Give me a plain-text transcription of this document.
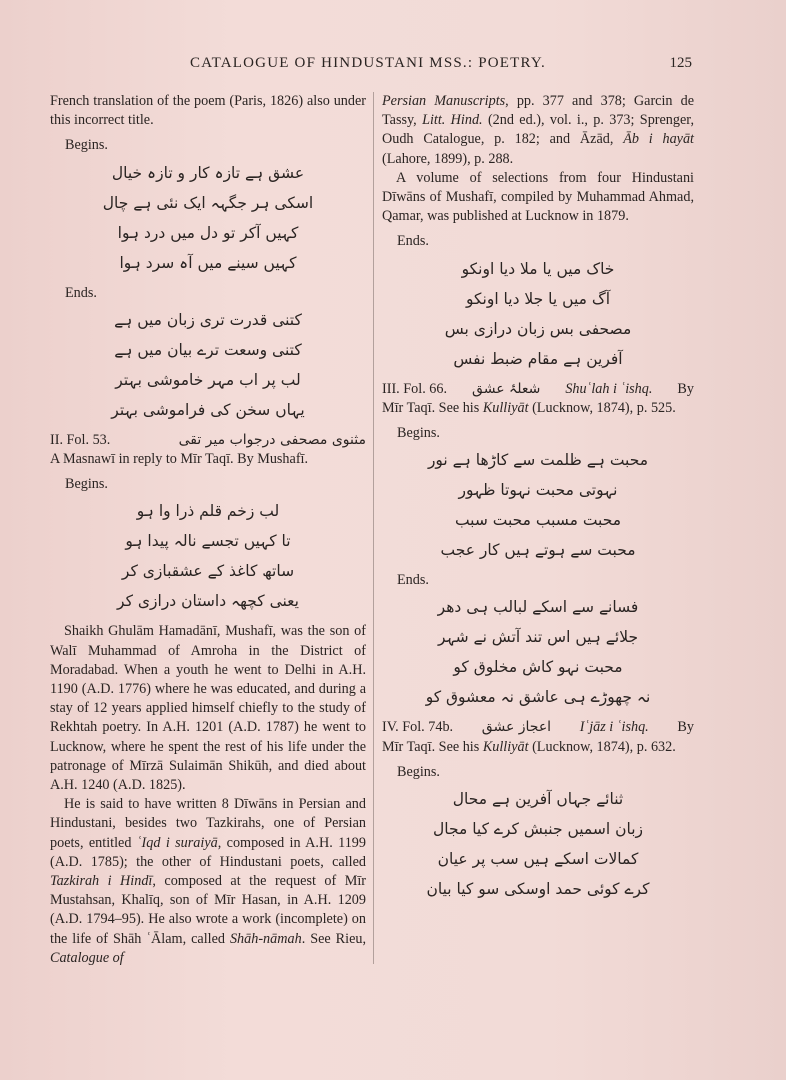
CATALOGUE OF HINDUSTANI MSS.: POETRY.	125

French translation of the poem (Paris, 1826) also under this incorrect title.

Begins.
عشق ہے تازہ کار و تازہ خیال
اسکی ہر جگہہ ایک نئی ہے چال
کہیں آکر تو دل میں درد ہوا
کہیں سینے میں آہ سرد ہوا
Ends.
کتنی قدرت تری زبان میں ہے
کتنی وسعت ترے بیان میں ہے
لب پر اب مہر خاموشی بہتر
یہاں سخن کی فراموشی بہتر
II. Fol. 53.	مثنوی مصحفی درجواب میر تقی

A Masnawī in reply to Mīr Taqī. By Mushafī.

Begins.
لب زخم قلم ذرا وا ہو
تا کہیں تجسے نالہ پیدا ہو
ساتھ کاغذ کے عشقبازی کر
یعنی کچھہ داستان درازی کر

Shaikh Ghulām Hamadānī, Mushafī, was the son of Walī Muhammad of Amroha in the District of Moradabad. When a youth he went to Delhi in A.H. 1190 (A.D. 1776) where he was educated, and during a stay of 12 years applied himself chiefly to the study of Rekhtah poetry. In A.H. 1201 (A.D. 1787) he went to Lucknow, where he spent the rest of his life under the patronage of Mīrzā Sulaimān Shikūh, and died about A.H. 1240 (A.D. 1825).

He is said to have written 8 Dīwāns in Persian and Hindustani, besides two Tazkirahs, one of Persian poets, entitled ʿIqd i suraiyā, composed in A.H. 1199 (A.D. 1785); the other of Hindustani poets, called Tazkirah i Hindī, composed at the request of Mīr Mustahsan, Khalīq, son of Mīr Hasan, in A.H. 1209 (A.D. 1794–95). He also wrote a work (incomplete) on the life of Shāh ʿĀlam, called Shāh-nāmah. See Rieu, Catalogue of

Persian Manuscripts, pp. 377 and 378; Garcin de Tassy, Litt. Hind. (2nd ed.), vol. i., p. 373; Sprenger, Oudh Catalogue, p. 182; and Āzād, Āb i hayāt (Lahore, 1899), p. 288.

A volume of selections from four Hindustani Dīwāns of Mushafī, compiled by Muhammad Ahmad, Qamar, was published at Lucknow in 1879.

Ends.
خاک میں یا ملا دیا اونکو
آگ میں یا جلا دیا اونکو
مصحفی بس زبان درازی بس
آفرین ہے مقام ضبط نفس
III. Fol. 66. شعلۂ عشق Shuʿlah i ʿishq. By

Mīr Taqī. See his Kulliyāt (Lucknow, 1874), p. 525.

Begins.
محبت ہے ظلمت سے کاڑھا ہے نور
نہوتی محبت نہوتا ظہور
محبت مسبب محبت سبب
محبت سے ہوتے ہیں کار عجب
Ends.
فسانے سے اسکے لبالب ہی دھر
جلائے ہیں اس تند آتش نے شہر
محبت نہو کاش مخلوق کو
نہ چھوڑے ہی عاشق نہ معشوق کو
IV. Fol. 74b. اعجاز عشق Iʿjāz i ʿishq. By

Mīr Taqī. See his Kulliyāt (Lucknow, 1874), p. 632.

Begins.
ثنائے جہاں آفرین ہے محال
زبان اسمیں جنبش کرے کیا مجال
کمالات اسکے ہیں سب پر عیان
کرے کوئی حمد اوسکی سو کیا بیان
